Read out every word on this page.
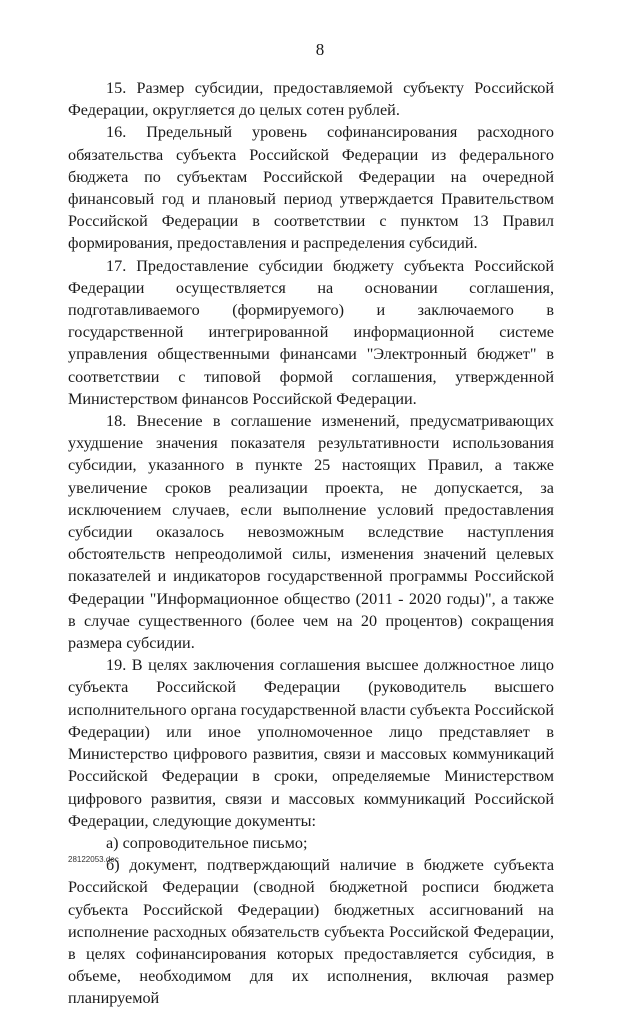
8

15. Размер субсидии, предоставляемой субъекту Российской Федерации, округляется до целых сотен рублей.

16. Предельный уровень софинансирования расходного обязательства субъекта Российской Федерации из федерального бюджета по субъектам Российской Федерации на очередной финансовый год и плановый период утверждается Правительством Российской Федерации в соответствии с пунктом 13 Правил формирования, предоставления и распределения субсидий.

17. Предоставление субсидии бюджету субъекта Российской Федерации осуществляется на основании соглашения, подготавливаемого (формируемого) и заключаемого в государственной интегрированной информационной системе управления общественными финансами "Электронный бюджет" в соответствии с типовой формой соглашения, утвержденной Министерством финансов Российской Федерации.

18. Внесение в соглашение изменений, предусматривающих ухудшение значения показателя результативности использования субсидии, указанного в пункте 25 настоящих Правил, а также увеличение сроков реализации проекта, не допускается, за исключением случаев, если выполнение условий предоставления субсидии оказалось невозможным вследствие наступления обстоятельств непреодолимой силы, изменения значений целевых показателей и индикаторов государственной программы Российской Федерации "Информационное общество (2011 - 2020 годы)", а также в случае существенного (более чем на 20 процентов) сокращения размера субсидии.

19. В целях заключения соглашения высшее должностное лицо субъекта Российской Федерации (руководитель высшего исполнительного органа государственной власти субъекта Российской Федерации) или иное уполномоченное лицо представляет в Министерство цифрового развития, связи и массовых коммуникаций Российской Федерации в сроки, определяемые Министерством цифрового развития, связи и массовых коммуникаций Российской Федерации, следующие документы:

а) сопроводительное письмо;

б) документ, подтверждающий наличие в бюджете субъекта Российской Федерации (сводной бюджетной росписи бюджета субъекта Российской Федерации) бюджетных ассигнований на исполнение расходных обязательств субъекта Российской Федерации, в целях софинансирования которых предоставляется субсидия, в объеме, необходимом для их исполнения, включая размер планируемой

28122053.doc
